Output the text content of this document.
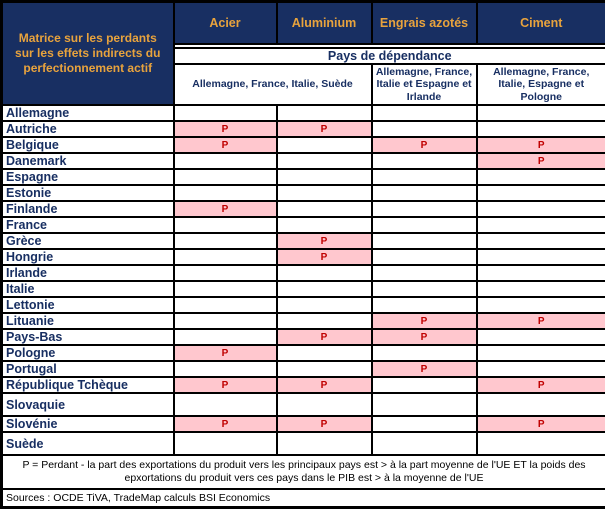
Matrice sur les perdants sur les effets indirects du perfectionnement actif	Acier	Aluminium	Engrais azotés	Ciment

	Pays de dépendance			
	Allemagne, France, Italie, Suède		Allemagne, France, Italie et Espagne et Irlande	Allemagne, France, Italie, Espagne et Pologne
Allemagne				
Autriche	P	P		
Belgique	P		P	P
Danemark				P
Espagne				
Estonie				
Finlande	P			
France				
Grèce		P		
Hongrie		P		
Irlande				
Italie				
Lettonie				
Lituanie			P	P
Pays-Bas		P	P	
Pologne	P			
Portugal			P	
République Tchèque	P	P		P
Slovaquie				
Slovénie	P	P		P
Suède				
P = Perdant - la part des exportations du produit vers les principaux pays est > à la part moyenne de l'UE ET la poids des epxortations du produit vers ces pays dans le PIB est > à la moyenne de l'UE				
Sources : OCDE TiVA, TradeMap calculs BSI Economics				
